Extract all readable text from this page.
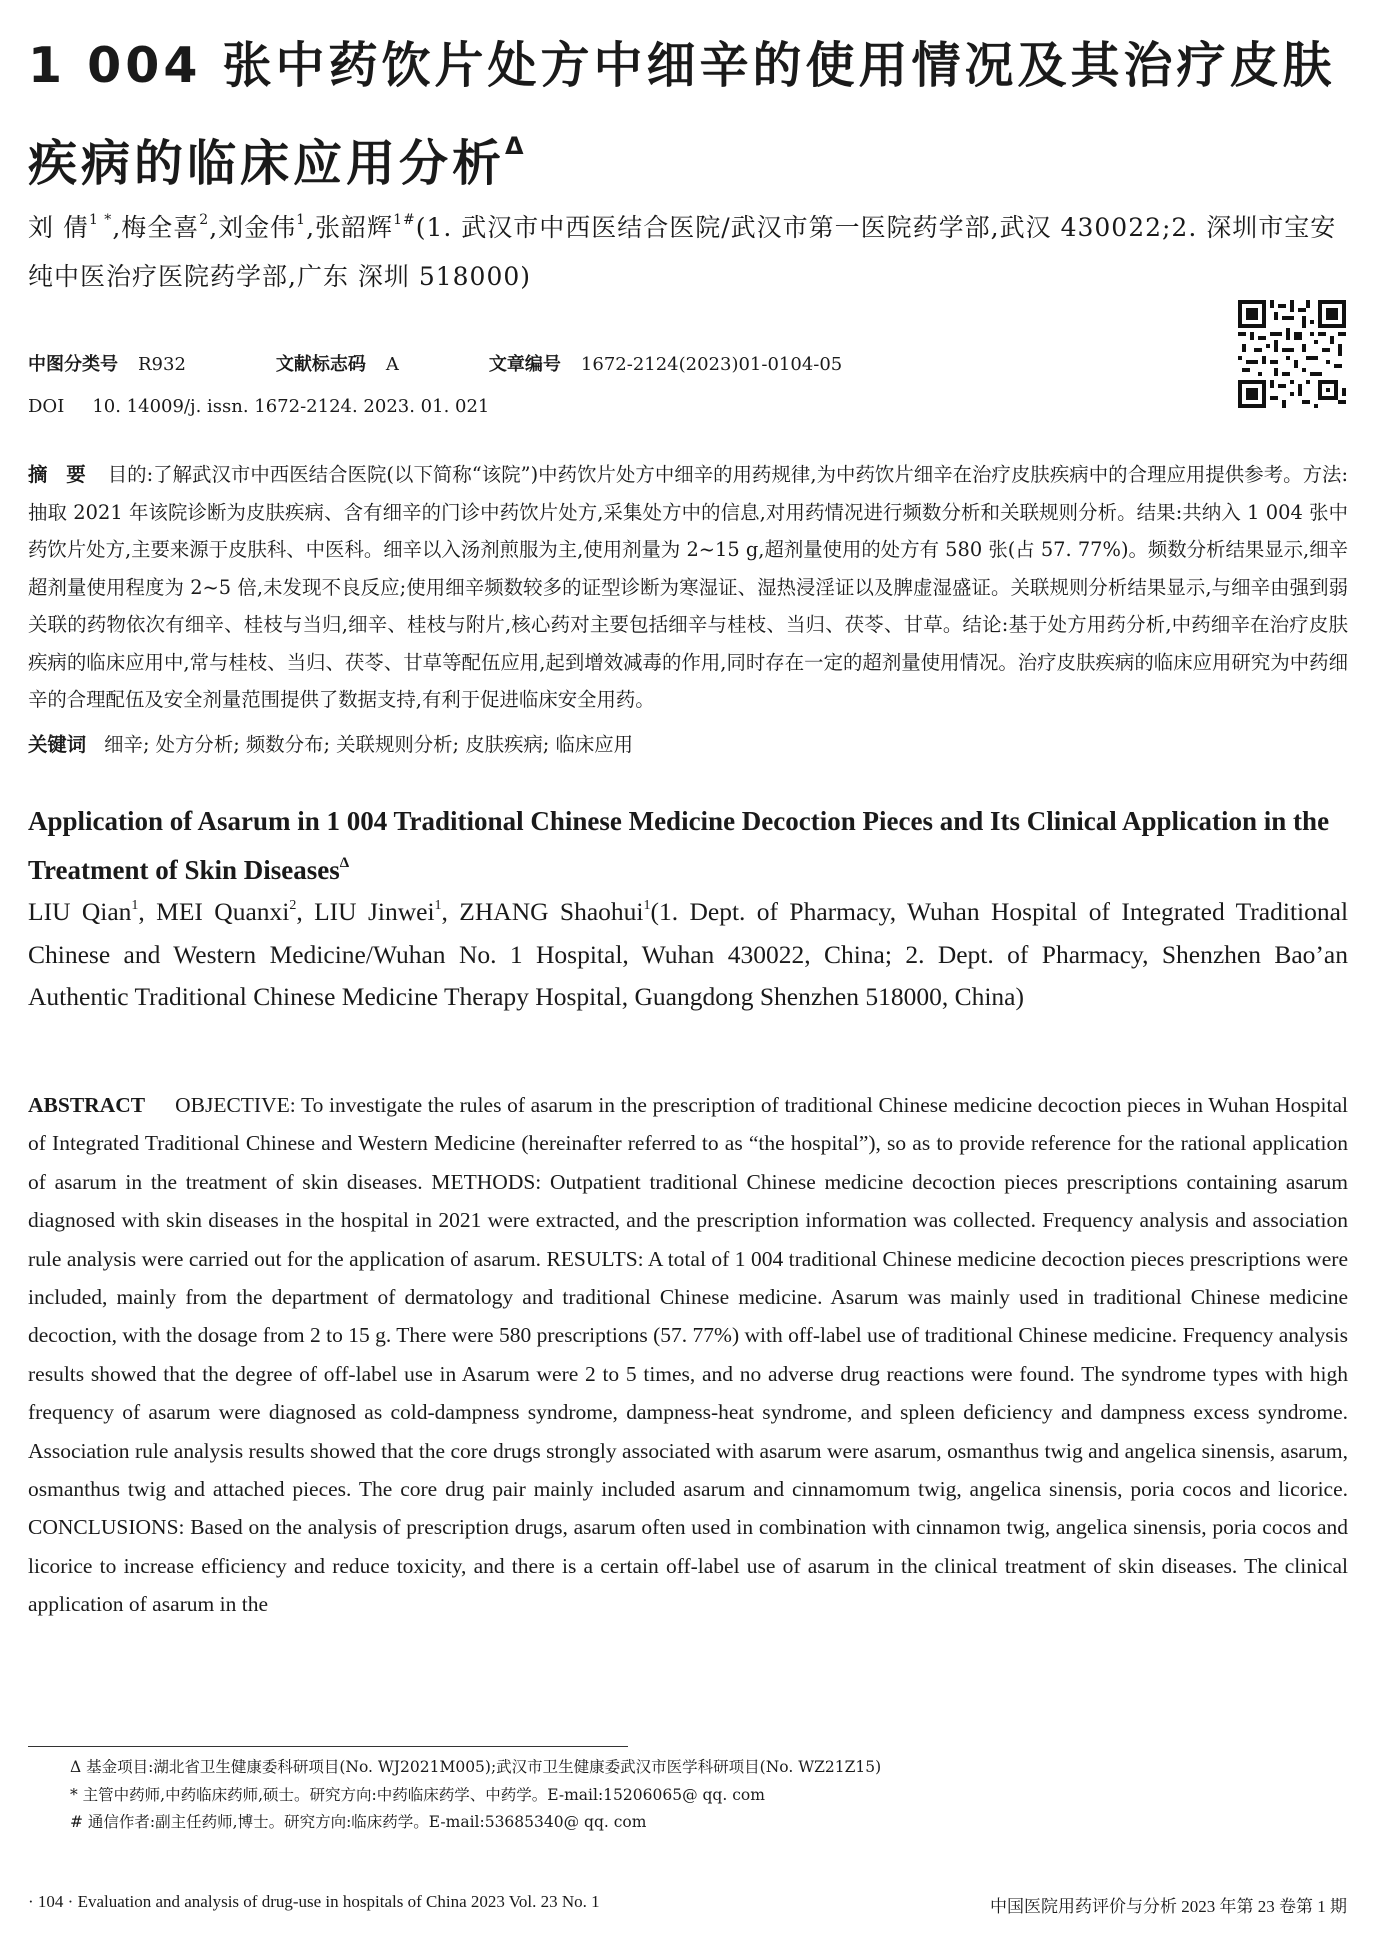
1 004 张中药饮片处方中细辛的使用情况及其治疗皮肤疾病的临床应用分析$^\Delta$
刘 倩$^{1 *}$,梅全喜$^2$,刘金伟$^1$,张韶辉$^{1\#}$(1. 武汉市中西医结合医院/武汉市第一医院药学部,武汉 430022;2. 深圳市宝安纯中医治疗医院药学部,广东 深圳 518000)
中图分类号 R932	文献标志码 A	文章编号 1672-2124(2023)01-0104-05
DOI 10. 14009/j. issn. 1672-2124. 2023. 01. 021
摘 要 目的:了解武汉市中西医结合医院(以下简称“该院”)中药饮片处方中细辛的用药规律,为中药饮片细辛在治疗皮肤疾病中的合理应用提供参考。方法:抽取 2021 年该院诊断为皮肤疾病、含有细辛的门诊中药饮片处方,采集处方中的信息,对用药情况进行频数分析和关联规则分析。结果:共纳入 1 004 张中药饮片处方,主要来源于皮肤科、中医科。细辛以入汤剂煎服为主,使用剂量为 2~15 g,超剂量使用的处方有 580 张(占 57. 77%)。频数分析结果显示,细辛超剂量使用程度为 2~5 倍,未发现不良反应;使用细辛频数较多的证型诊断为寒湿证、湿热浸淫证以及脾虚湿盛证。关联规则分析结果显示,与细辛由强到弱关联的药物依次有细辛、桂枝与当归,细辛、桂枝与附片,核心药对主要包括细辛与桂枝、当归、茯苓、甘草。结论:基于处方用药分析,中药细辛在治疗皮肤疾病的临床应用中,常与桂枝、当归、茯苓、甘草等配伍应用,起到增效减毒的作用,同时存在一定的超剂量使用情况。治疗皮肤疾病的临床应用研究为中药细辛的合理配伍及安全剂量范围提供了数据支持,有利于促进临床安全用药。
关键词 细辛; 处方分析; 频数分布; 关联规则分析; 皮肤疾病; 临床应用
Application of Asarum in 1 004 Traditional Chinese Medicine Decoction Pieces and Its Clinical Application in the Treatment of Skin Diseases$^\Delta$
LIU Qian$^1$, MEI Quanxi$^2$, LIU Jinwei$^1$, ZHANG Shaohui$^1$(1. Dept. of Pharmacy, Wuhan Hospital of Integrated Traditional Chinese and Western Medicine/Wuhan No. 1 Hospital, Wuhan 430022, China; 2. Dept. of Pharmacy, Shenzhen Bao’an Authentic Traditional Chinese Medicine Therapy Hospital, Guangdong Shenzhen 518000, China)
ABSTRACT OBJECTIVE: To investigate the rules of asarum in the prescription of traditional Chinese medicine decoction pieces in Wuhan Hospital of Integrated Traditional Chinese and Western Medicine (hereinafter referred to as “the hospital”), so as to provide reference for the rational application of asarum in the treatment of skin diseases. METHODS: Outpatient traditional Chinese medicine decoction pieces prescriptions containing asarum diagnosed with skin diseases in the hospital in 2021 were extracted, and the prescription information was collected. Frequency analysis and association rule analysis were carried out for the application of asarum. RESULTS: A total of 1 004 traditional Chinese medicine decoction pieces prescriptions were included, mainly from the department of dermatology and traditional Chinese medicine. Asarum was mainly used in traditional Chinese medicine decoction, with the dosage from 2 to 15 g. There were 580 prescriptions (57. 77%) with off-label use of traditional Chinese medicine. Frequency analysis results showed that the degree of off-label use in Asarum were 2 to 5 times, and no adverse drug reactions were found. The syndrome types with high frequency of asarum were diagnosed as cold-dampness syndrome, dampness-heat syndrome, and spleen deficiency and dampness excess syndrome. Association rule analysis results showed that the core drugs strongly associated with asarum were asarum, osmanthus twig and angelica sinensis, asarum, osmanthus twig and attached pieces. The core drug pair mainly included asarum and cinnamomum twig, angelica sinensis, poria cocos and licorice. CONCLUSIONS: Based on the analysis of prescription drugs, asarum often used in combination with cinnamon twig, angelica sinensis, poria cocos and licorice to increase efficiency and reduce toxicity, and there is a certain off-label use of asarum in the clinical treatment of skin diseases. The clinical application of asarum in the
Δ 基金项目:湖北省卫生健康委科研项目(No. WJ2021M005);武汉市卫生健康委武汉市医学科研项目(No. WZ21Z15)
* 主管中药师,中药临床药师,硕士。研究方向:中药临床药学、中药学。E-mail:15206065@ qq. com
# 通信作者:副主任药师,博士。研究方向:临床药学。E-mail:53685340@ qq. com
· 104 · Evaluation and analysis of drug-use in hospitals of China 2023 Vol. 23 No. 1	中国医院用药评价与分析 2023 年第 23 卷第 1 期
